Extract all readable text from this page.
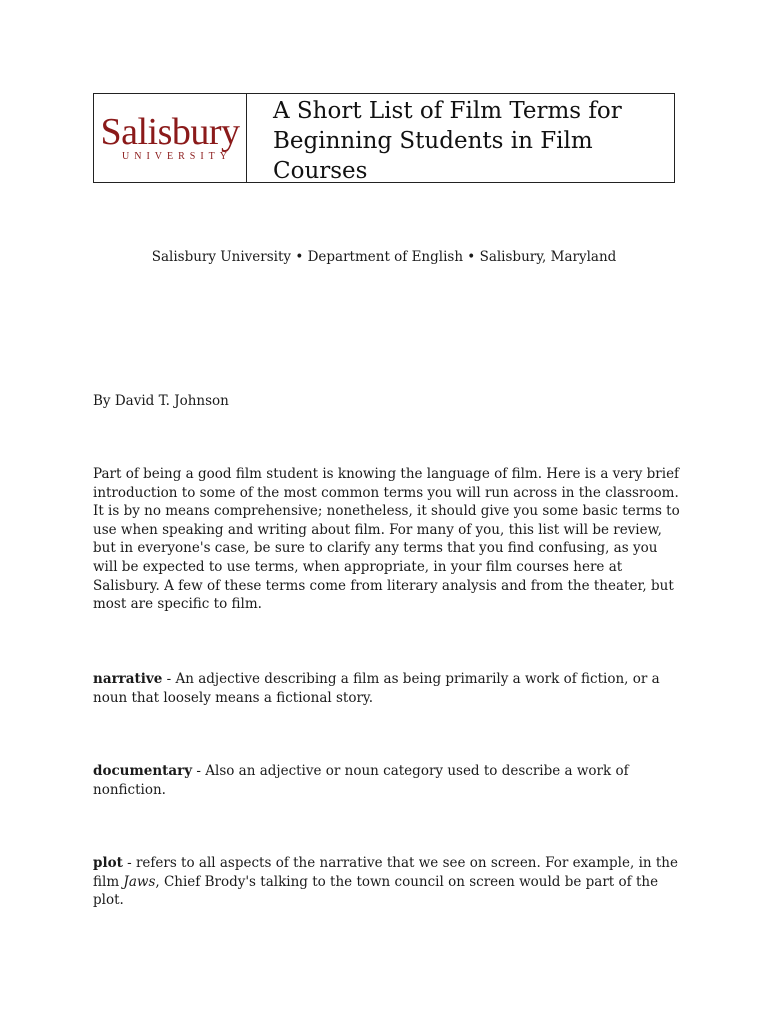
Salisbury
UNIVERSITY
A Short List of Film Terms for
Beginning Students in Film
Courses
Salisbury University • Department of English • Salisbury, Maryland
By David T. Johnson

Part of being a good film student is knowing the language of film. Here is a very brief introduction to some of the most common terms you will run across in the classroom. It is by no means comprehensive; nonetheless, it should give you some basic terms to use when speaking and writing about film. For many of you, this list will be review, but in everyone's case, be sure to clarify any terms that you find confusing, as you will be expected to use terms, when appropriate, in your film courses here at Salisbury. A few of these terms come from literary analysis and from the theater, but most are specific to film.

narrative - An adjective describing a film as being primarily a work of fiction, or a noun that loosely means a fictional story.

documentary - Also an adjective or noun category used to describe a work of nonfiction.

plot - refers to all aspects of the narrative that we see on screen. For example, in the film Jaws, Chief Brody's talking to the town council on screen would be part of the plot.
